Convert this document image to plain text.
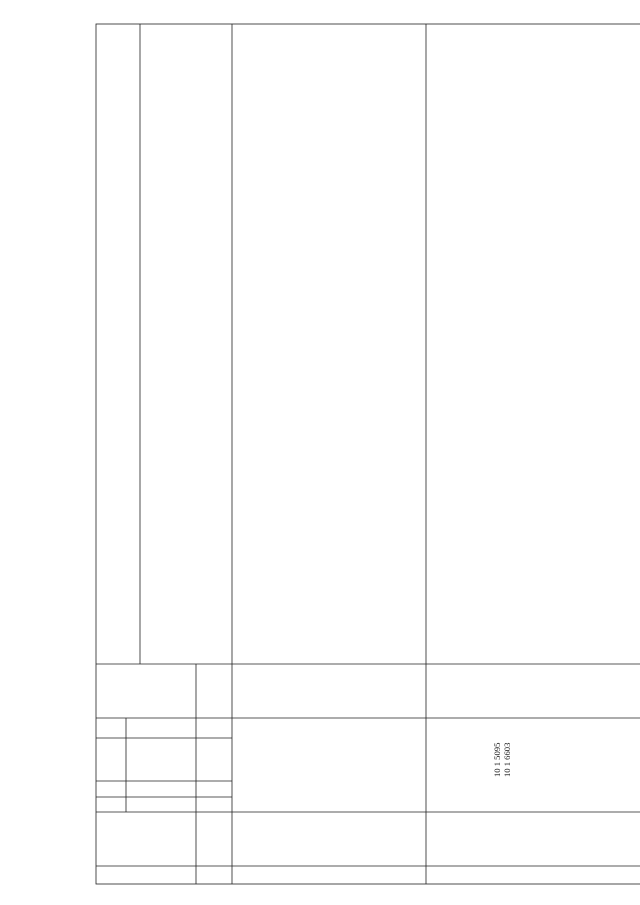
10 1 5095 10 1 6603
